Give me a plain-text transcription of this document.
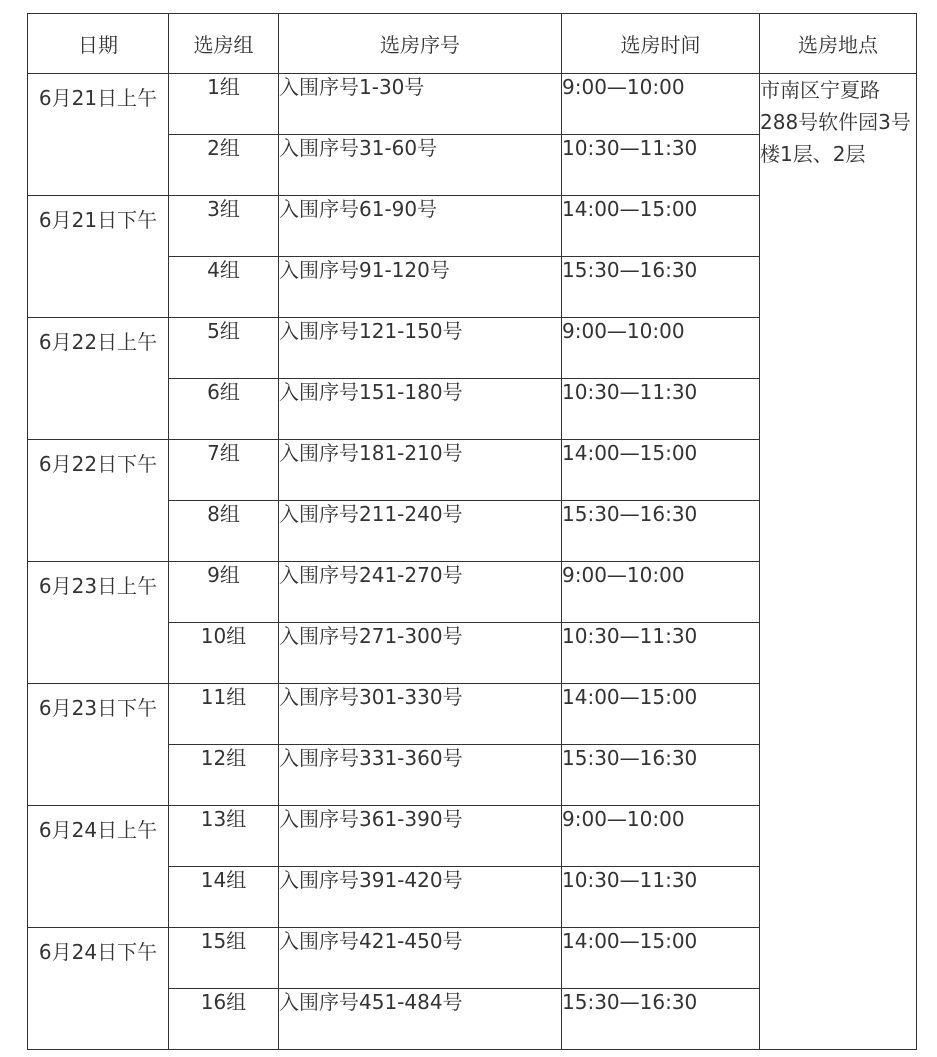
日期	选房组	选房序号	选房时间	选房地点
6月21日上午	1组	入围序号1-30号	9:00—10:00	市南区宁夏路288号软件园3号楼1层、2层
	2组	入围序号31-60号	10:30—11:30	
6月21日下午	3组	入围序号61-90号	14:00—15:00	
	4组	入围序号91-120号	15:30—16:30	
6月22日上午	5组	入围序号121-150号	9:00—10:00	
	6组	入围序号151-180号	10:30—11:30	
6月22日下午	7组	入围序号181-210号	14:00—15:00	
	8组	入围序号211-240号	15:30—16:30	
6月23日上午	9组	入围序号241-270号	9:00—10:00	
	10组	入围序号271-300号	10:30—11:30	
6月23日下午	11组	入围序号301-330号	14:00—15:00	
	12组	入围序号331-360号	15:30—16:30	
6月24日上午	13组	入围序号361-390号	9:00—10:00	
	14组	入围序号391-420号	10:30—11:30	
6月24日下午	15组	入围序号421-450号	14:00—15:00	
	16组	入围序号451-484号	15:30—16:30	
